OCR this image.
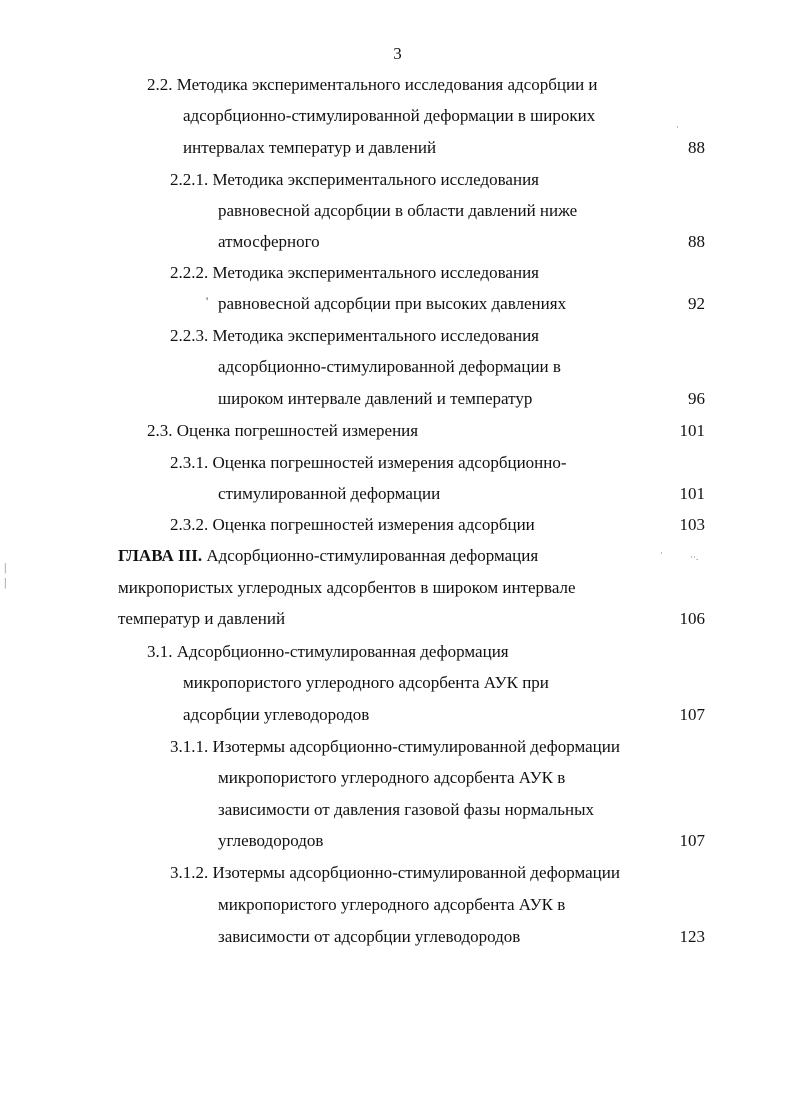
3
2.2. Методика экспериментального исследования адсорбции и
адсорбционно-стимулированной деформации в широких
интервалах температур и давлений	88
2.2.1. Методика экспериментального исследования
равновесной адсорбции в области давлений ниже
атмосферного	88
2.2.2. Методика экспериментального исследования
равновесной адсорбции при высоких давлениях	92
2.2.3. Методика экспериментального исследования
адсорбционно-стимулированной деформации в
широком интервале давлений и температур	96
2.3. Оценка погрешностей измерения	101
2.3.1. Оценка погрешностей измерения адсорбционно-
стимулированной деформации	101
2.3.2. Оценка погрешностей измерения адсорбции	103
ГЛАВА III. Адсорбционно-стимулированная деформация
микропористых углеродных адсорбентов в широком интервале
температур и давлений	106
3.1. Адсорбционно-стимулированная деформация
микропористого углеродного адсорбента АУК при
адсорбции углеводородов	107
3.1.1. Изотермы адсорбционно-стимулированной деформации
микропористого углеродного адсорбента АУК в
зависимости от давления газовой фазы нормальных
углеводородов	107
3.1.2. Изотермы адсорбционно-стимулированной деформации
микропористого углеродного адсорбента АУК в
зависимости от адсорбции углеводородов	123
'
·
··.
·
|
|
